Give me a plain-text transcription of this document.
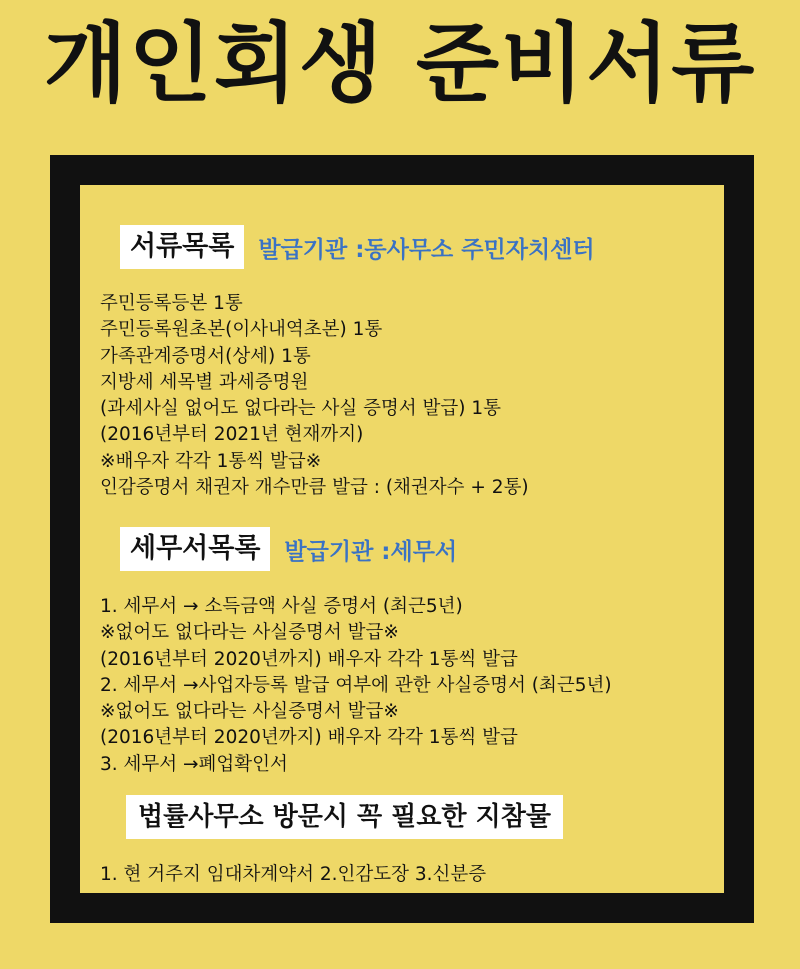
개인회생 준비서류
서류목록	발급기관 :동사무소 주민자치센터
주민등록등본 1통
주민등록원초본(이사내역초본) 1통
가족관계증명서(상세) 1통
지방세 세목별 과세증명원
(과세사실 없어도 없다라는 사실 증명서 발급) 1통
(2016년부터 2021년 현재까지)
※배우자 각각 1통씩 발급※
인감증명서 채권자 개수만큼 발급 : (채권자수 + 2통)
세무서목록	발급기관 :세무서
1. 세무서 → 소득금액 사실 증명서 (최근5년)
※없어도 없다라는 사실증명서 발급※
(2016년부터 2020년까지) 배우자 각각 1통씩 발급
2. 세무서 →사업자등록 발급 여부에 관한 사실증명서 (최근5년)
※없어도 없다라는 사실증명서 발급※
(2016년부터 2020년까지) 배우자 각각 1통씩 발급
3. 세무서 →폐업확인서
법률사무소 방문시 꼭 필요한 지참물
1. 현 거주지 임대차계약서 2.인감도장 3.신분증
